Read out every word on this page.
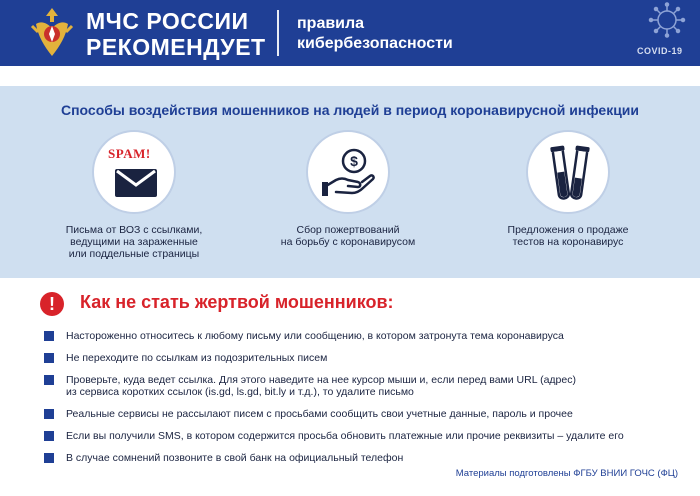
МЧС РОССИИ
РЕКОМЕНДУЕТ
правила
кибербезопасности	COVID-19
Способы воздействия мошенников на людей в период коронавирусной инфекции
SPAM!	$
Письма от ВОЗ с ссылками,
ведущими на зараженные
или поддельные страницы
Сбор пожертвований
на борьбу с коронавирусом
Предложения о продаже
тестов на коронавирус
!	Как не стать жертвой мошенников:
Настороженно относитесь к любому письму или сообщению, в котором затронута тема коронавируса
Не переходите по ссылкам из подозрительных писем
Проверьте, куда ведет ссылка. Для этого наведите на нее курсор мыши и, если перед вами URL (адрес)
из сервиса коротких ссылок (is.gd, ls.gd, bit.ly и т.д.), то удалите письмо
Реальные сервисы не рассылают писем с просьбами сообщить свои учетные данные, пароль и прочее
Если вы получили SMS, в котором содержится просьба обновить платежные или прочие реквизиты – удалите его
В случае сомнений позвоните в свой банк на официальный телефон
Материалы подготовлены ФГБУ ВНИИ ГОЧС (ФЦ)
